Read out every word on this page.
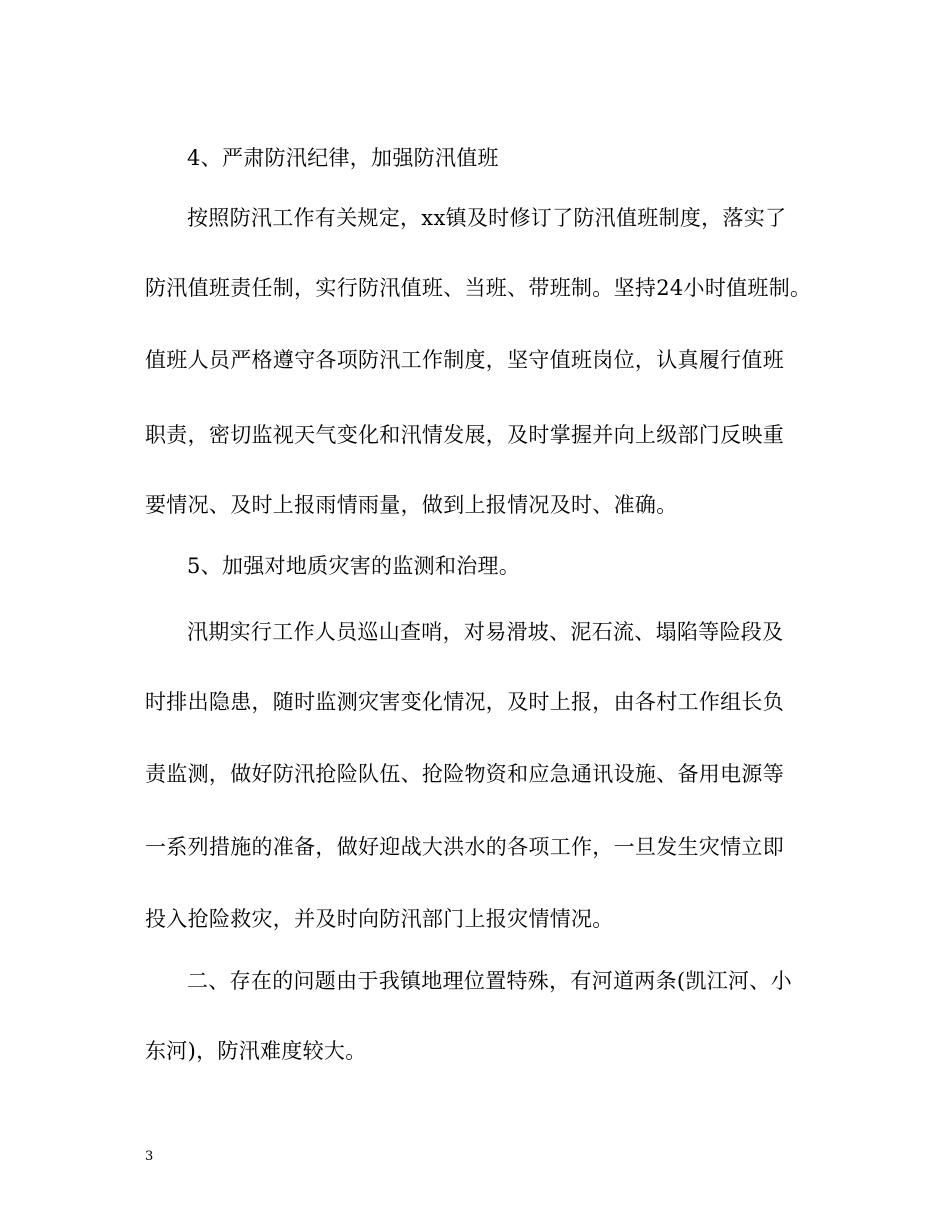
4、严肃防汛纪律，加强防汛值班
按照防汛工作有关规定，xx镇及时修订了防汛值班制度，落实了
防汛值班责任制，实行防汛值班、当班、带班制。坚持24小时值班制。
值班人员严格遵守各项防汛工作制度，坚守值班岗位，认真履行值班
职责，密切监视天气变化和汛情发展，及时掌握并向上级部门反映重
要情况、及时上报雨情雨量，做到上报情况及时、准确。
5、加强对地质灾害的监测和治理。
汛期实行工作人员巡山查哨，对易滑坡、泥石流、塌陷等险段及
时排出隐患，随时监测灾害变化情况，及时上报，由各村工作组长负
责监测，做好防汛抢险队伍、抢险物资和应急通讯设施、备用电源等
一系列措施的准备，做好迎战大洪水的各项工作，一旦发生灾情立即
投入抢险救灾，并及时向防汛部门上报灾情情况。
二、存在的问题由于我镇地理位置特殊，有河道两条(凯江河、小
东河)，防汛难度较大。
3
